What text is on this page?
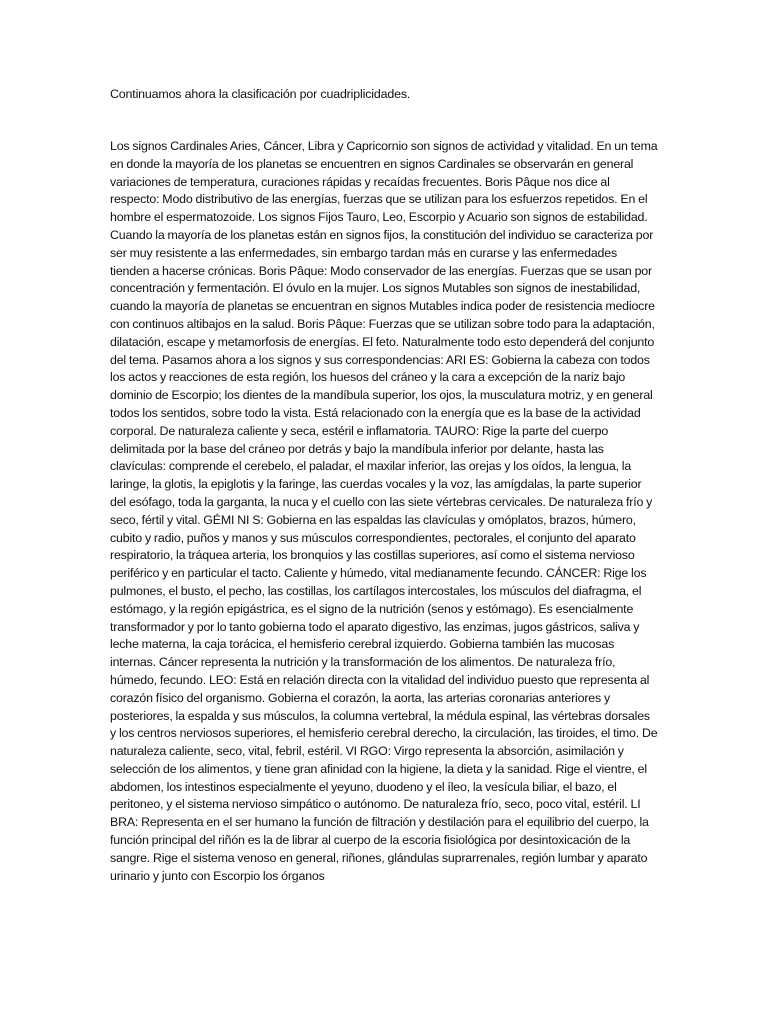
Continuamos ahora la clasificación por cuadriplicidades.

Los signos Cardinales Aries, Cáncer, Libra y Capricornio son signos de actividad y vitalidad. En un tema en donde la mayoría de los planetas se encuentren en signos Cardinales se observarán en general variaciones de temperatura, curaciones rápidas y recaídas frecuentes. Boris Pâque nos dice al respecto: Modo distributivo de las energías, fuerzas que se utilizan para los esfuerzos repetidos. En el hombre el espermatozoide. Los signos Fijos Tauro, Leo, Escorpio y Acuario son signos de estabilidad. Cuando la mayoría de los planetas están en signos fijos, la constitución del individuo se caracteriza por ser muy resistente a las enfermedades, sin embargo tardan más en curarse y las enfermedades tienden a hacerse crónicas. Boris Pâque: Modo conservador de las energías. Fuerzas que se usan por concentración y fermentación. El óvulo en la mujer. Los signos Mutables son signos de inestabilidad, cuando la mayoría de planetas se encuentran en signos Mutables indica poder de resistencia mediocre con continuos altibajos en la salud. Boris Pâque: Fuerzas que se utilizan sobre todo para la adaptación, dilatación, escape y metamorfosis de energías. El feto. Naturalmente todo esto dependerá del conjunto del tema. Pasamos ahora a los signos y sus correspondencias: ARI ES: Gobierna la cabeza con todos los actos y reacciones de esta región, los huesos del cráneo y la cara a excepción de la nariz bajo dominio de Escorpio; los dientes de la mandíbula superior, los ojos, la musculatura motriz, y en general todos los sentidos, sobre todo la vista. Está relacionado con la energía que es la base de la actividad corporal. De naturaleza caliente y seca, estéril e inflamatoria. TAURO: Rige la parte del cuerpo delimitada por la base del cráneo por detrás y bajo la mandíbula inferior por delante, hasta las clavículas: comprende el cerebelo, el paladar, el maxilar inferior, las orejas y los oídos, la lengua, la laringe, la glotis, la epiglotis y la faringe, las cuerdas vocales y la voz, las amígdalas, la parte superior del esófago, toda la garganta, la nuca y el cuello con las siete vértebras cervicales. De naturaleza frío y seco, fértil y vital. GÉMI NI S: Gobierna en las espaldas las clavículas y omóplatos, brazos, húmero, cubito y radio, puños y manos y sus músculos correspondientes, pectorales, el conjunto del aparato respiratorio, la tráquea arteria, los bronquios y las costillas superiores, así como el sistema nervioso periférico y en particular el tacto. Caliente y húmedo, vital medianamente fecundo. CÁNCER: Rige los pulmones, el busto, el pecho, las costillas, los cartílagos intercostales, los músculos del diafragma, el estómago, y la región epigástrica, es el signo de la nutrición (senos y estómago). Es esencialmente transformador y por lo tanto gobierna todo el aparato digestivo, las enzimas, jugos gástricos, saliva y leche materna, la caja torácica, el hemisferio cerebral izquierdo. Gobierna también las mucosas internas. Cáncer representa la nutrición y la transformación de los alimentos. De naturaleza frío, húmedo, fecundo. LEO: Está en relación directa con la vitalidad del individuo puesto que representa al corazón físico del organismo. Gobierna el corazón, la aorta, las arterias coronarias anteriores y posteriores, la espalda y sus músculos, la columna vertebral, la médula espinal, las vértebras dorsales y los centros nerviosos superiores, el hemisferio cerebral derecho, la circulación, las tiroides, el timo. De naturaleza caliente, seco, vital, febril, estéril. VI RGO: Virgo representa la absorción, asimilación y selección de los alimentos, y tiene gran afinidad con la higiene, la dieta y la sanidad. Rige el vientre, el abdomen, los intestinos especialmente el yeyuno, duodeno y el íleo, la vesícula biliar, el bazo, el peritoneo, y el sistema nervioso simpático o autónomo. De naturaleza frío, seco, poco vital, estéril. LI BRA: Representa en el ser humano la función de filtración y destilación para el equilibrio del cuerpo, la función principal del riñón es la de librar al cuerpo de la escoria fisiológica por desintoxicación de la sangre. Rige el sistema venoso en general, riñones, glándulas suprarrenales, región lumbar y aparato urinario y junto con Escorpio los órganos
